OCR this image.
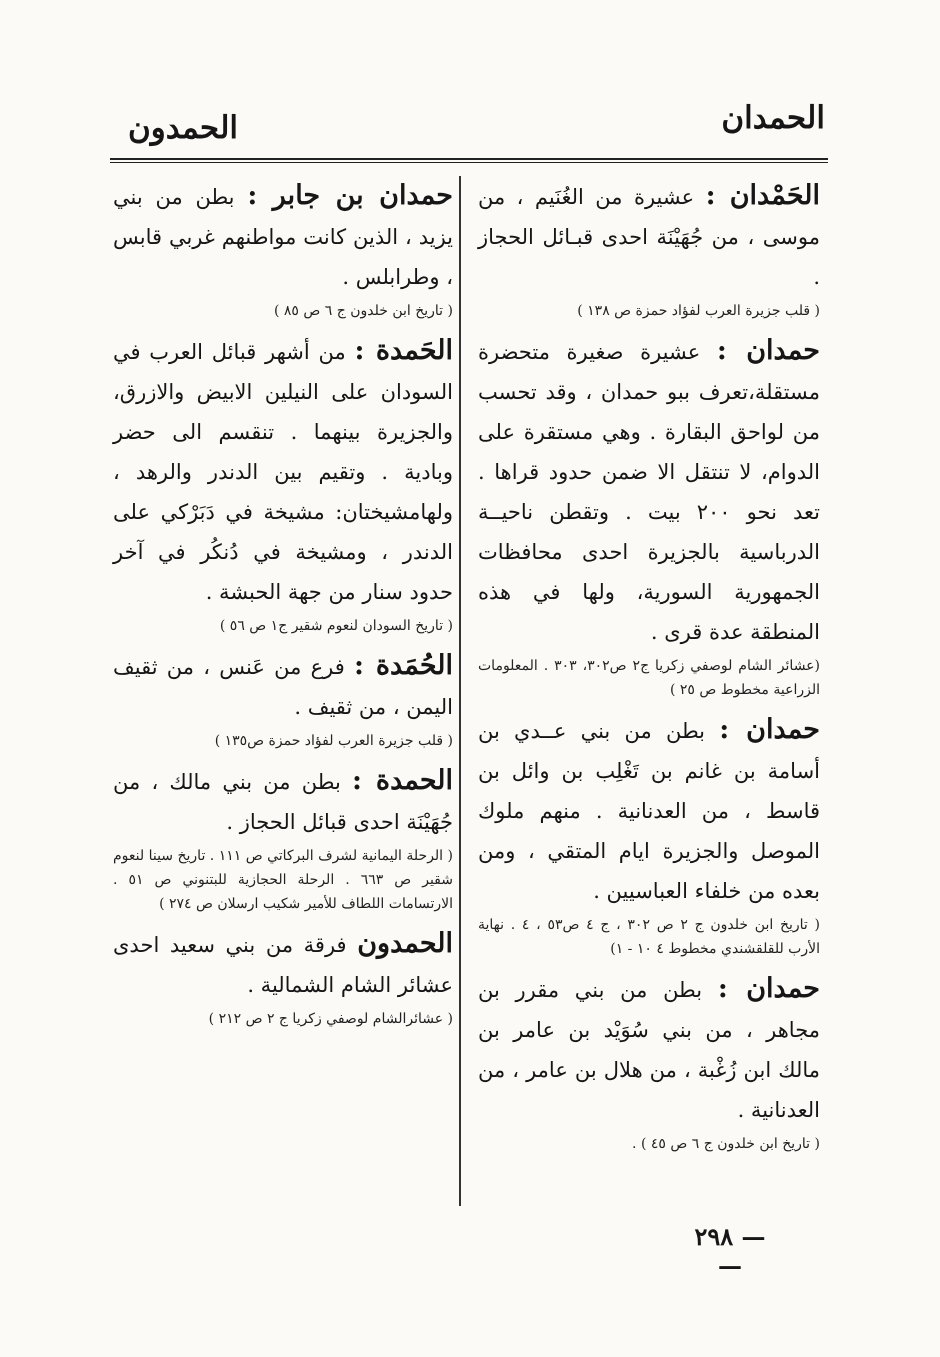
الحمدان
الحمدون

الحَمْدان : عشيرة من الغُنَيم ، من موسى ، من جُهَيْنَة احدى قبـائل الحجاز .

( قلب جزيرة العرب لفؤاد حمزة ص ١٣٨ )

حمدان : عشيرة صغيرة متحضرة مستقلة،تعرف ببو حمدان ، وقد تحسب من لواحق البقارة . وهي مستقرة على الدوام، لا تنتقل الا ضمن حدود قراها . تعد نحو ٢٠٠ بيت . وتقطن ناحيــة الدرباسية بالجزيرة احدى محافظات الجمهورية السورية، ولها في هذه المنطقة عدة قرى .

(عشائر الشام لوصفي زكريا ج٢ ص٣٠٢، ٣٠٣ . المعلومات الزراعية مخطوط ص ٢٥ )

حمدان : بطن من بني عــدي بن أسامة بن غانم بن تَغْلِب بن وائل بن قاسط ، من العدنانية . منهم ملوك الموصل والجزيرة ايام المتقي ، ومن بعده من خلفاء العباسيين .

( تاريخ ابن خلدون ج ٢ ص ٣٠٢ ، ج ٤ ص٥٣ ، ٤ . نهاية الأرب للقلقشندي مخطوط ٤ ١٠ - ١)

حمدان : بطن من بني مقرر بن مجاهر ، من بني سُوَيْد بن عامر بن مالك ابن زُغْبة ، من هلال بن عامر ، من العدنانية .

( تاريخ ابن خلدون ج ٦ ص ٤٥ ) .

حمدان بن جابر : بطن من بني يزيد ، الذين كانت مواطنهم غربي قابس ، وطرابلس .

( تاريخ ابن خلدون ج ٦ ص ٨٥ )

الحَمدة : من أشهر قبائل العرب في السودان على النيلين الابيض والازرق، والجزيرة بينهما . تنقسم الى حضر وبادية . وتقيم بين الدندر والرهد ، ولهامشيختان: مشيخة في دَبَرْكي على الدندر ، ومشيخة في دُنكُر في آخر حدود سنار من جهة الحبشة .

( تاريخ السودان لنعوم شقير ج١ ص ٥٦ )

الحُمَدة : فرع من عَنس ، من ثقيف اليمن ، من ثقيف .

( قلب جزيرة العرب لفؤاد حمزة ص١٣٥ )

الحمدة : بطن من بني مالك ، من جُهَيْنَة احدى قبائل الحجاز .

( الرحلة اليمانية لشرف البركاتي ص ١١١ . تاريخ سينا لنعوم شقير ص ٦٦٣ . الرحلة الحجازية للبتنوني ص ٥١ . الارتسامات اللطاف للأمير شكيب ارسلان ص ٢٧٤ )

الحمدون فرقة من بني سعيد احدى عشائر الشام الشمالية .

( عشائرالشام لوصفي زكريا ج ٢ ص ٢١٢ )

— ٢٩٨ —
